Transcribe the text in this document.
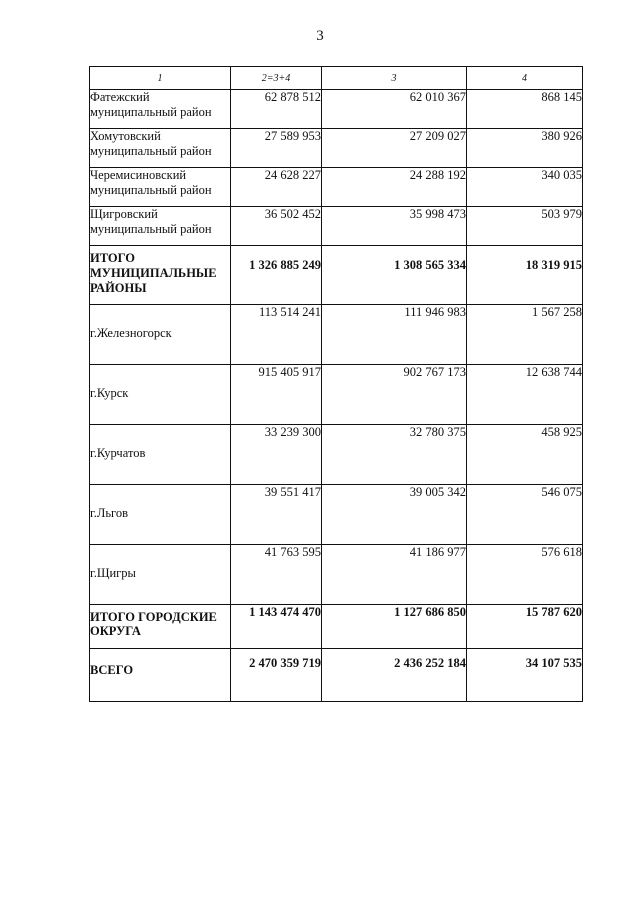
3
1	2=3+4	3	4
Фатежский муниципальный район	62 878 512	62 010 367	868 145
Хомутовский муниципальный район	27 589 953	27 209 027	380 926
Черемисиновский муниципальный район	24 628 227	24 288 192	340 035
Щигровский муниципальный район	36 502 452	35 998 473	503 979
ИТОГО МУНИЦИПАЛЬНЫЕ РАЙОНЫ	1 326 885 249	1 308 565 334	18 319 915
г.Железногорск	113 514 241	111 946 983	1 567 258
г.Курск	915 405 917	902 767 173	12 638 744
г.Курчатов	33 239 300	32 780 375	458 925
г.Льгов	39 551 417	39 005 342	546 075
г.Щигры	41 763 595	41 186 977	576 618
ИТОГО ГОРОДСКИЕ ОКРУГА	1 143 474 470	1 127 686 850	15 787 620
ВСЕГО	2 470 359 719	2 436 252 184	34 107 535
